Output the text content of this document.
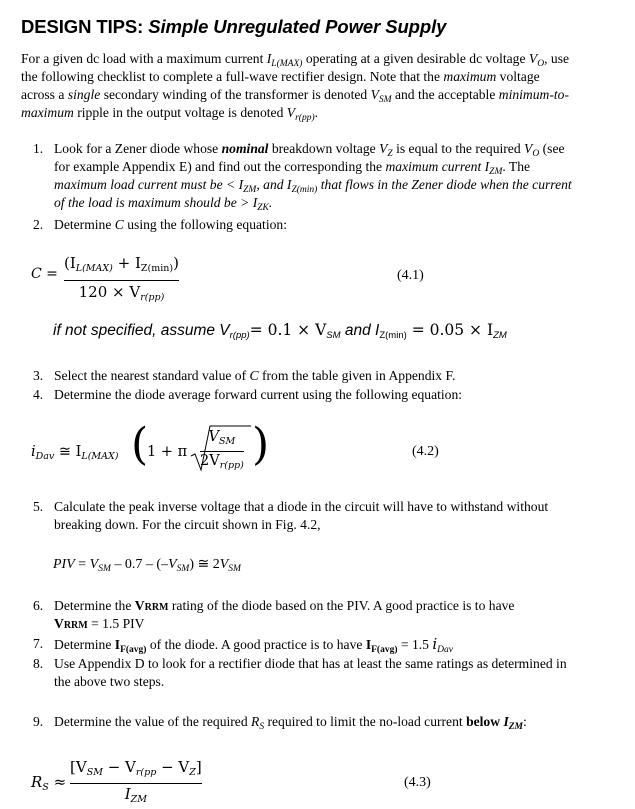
DESIGN TIPS: Simple Unregulated Power Supply
For a given dc load with a maximum current $I_{L(MAX)}$ operating at a given desirable dc voltage $V_O$, use
the following checklist to complete a full-wave rectifier design. Note that the maximum voltage
across a single secondary winding of the transformer is denoted $V_{SM}$ and the acceptable minimum-to-
maximum ripple in the output voltage is denoted $V_{r(pp)}$.
1. Look for a Zener diode whose nominal breakdown voltage $V_Z$ is equal to the required $V_O$ (see
for example Appendix E) and find out the corresponding the maximum current $I_{ZM}$. The
maximum load current must be < $I_{ZM}$, and $I_{Z(min)}$ that flows in the Zener diode when the current
of the load is maximum should be > $I_{ZK}$.
2. Determine C using the following equation:
C =
$(I_{L(MAX)} + I_{Z(min)})$
$120 \times V_{r(pp)}$
(4.1)
if not specified, assume $V_{r(pp)}= 0.1 \times V_{SM}$ and $I_{Z(min)} = 0.05 \times I_{ZM}$
3. Select the nearest standard value of C from the table given in Appendix F.
4. Determine the diode average forward current using the following equation:
$i_{Dav}$ ≅ $I_{L(MAX)}$ (
1 + π
$V_{SM}$
$2V_{r(pp)}$ )	(4.2)
5. Calculate the peak inverse voltage that a diode in the circuit will have to withstand without
breaking down. For the circuit shown in Fig. 4.2,
PIV = $V_{SM} - 0.7 - (-V_{SM})$ ≅ $2V_{SM}$
6. Determine the VRRM rating of the diode based on the PIV. A good practice is to have
VRRM = 1.5 PIV
7. Determine $I_{F(avg)}$ of the diode. A good practice is to have $I_{F(avg)} = 1.5$ $i_{Dav}$
8. Use Appendix D to look for a rectifier diode that has at least the same ratings as determined in
the above two steps.
9. Determine the value of the required $R_S$ required to limit the no-load current below $I_{ZM}$:
$R_S$ ≈
$[V_{SM} - V_{r(pp} - V_Z]$
$I_{ZM}$
(4.3)
